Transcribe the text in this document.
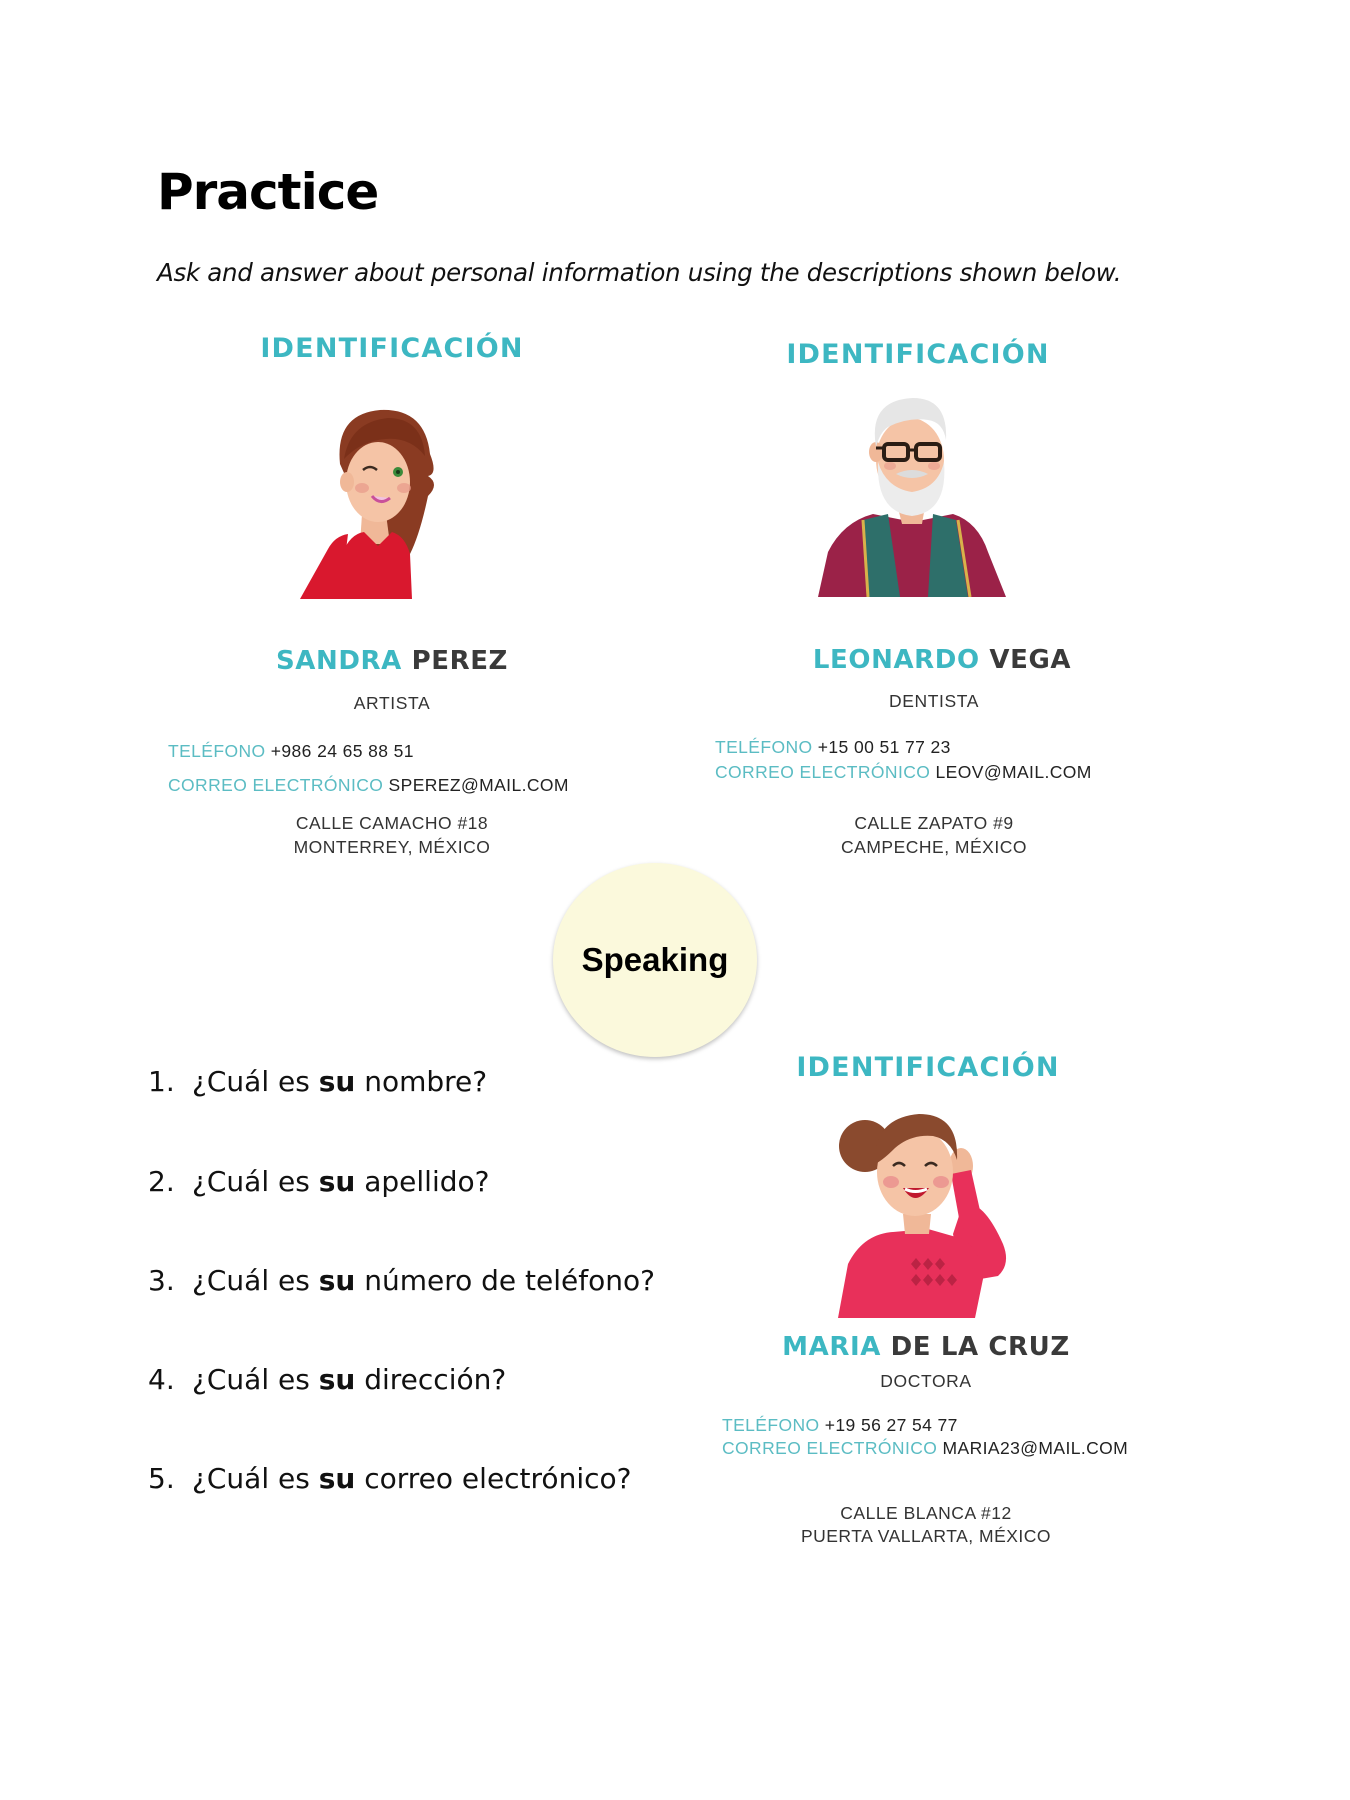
Practice
Ask and answer about personal information using the descriptions shown below.
IDENTIFICACIÓN
SANDRA PEREZ
ARTISTA
TELÉFONO +986 24 65 88 51
CORREO ELECTRÓNICO SPEREZ@MAIL.COM
CALLE CAMACHO #18
MONTERREY, MÉXICO
IDENTIFICACIÓN
LEONARDO VEGA
DENTISTA
TELÉFONO +15 00 51 77 23
CORREO ELECTRÓNICO LEOV@MAIL.COM
CALLE ZAPATO #9
CAMPECHE, MÉXICO
Speaking
IDENTIFICACIÓN
MARIA DE LA CRUZ
DOCTORA
TELÉFONO +19 56 27 54 77
CORREO ELECTRÓNICO MARIA23@MAIL.COM
CALLE BLANCA #12
PUERTA VALLARTA, MÉXICO
1. ¿Cuál es su nombre?
2. ¿Cuál es su apellido?
3. ¿Cuál es su número de teléfono?
4. ¿Cuál es su dirección?
5. ¿Cuál es su correo electrónico?
